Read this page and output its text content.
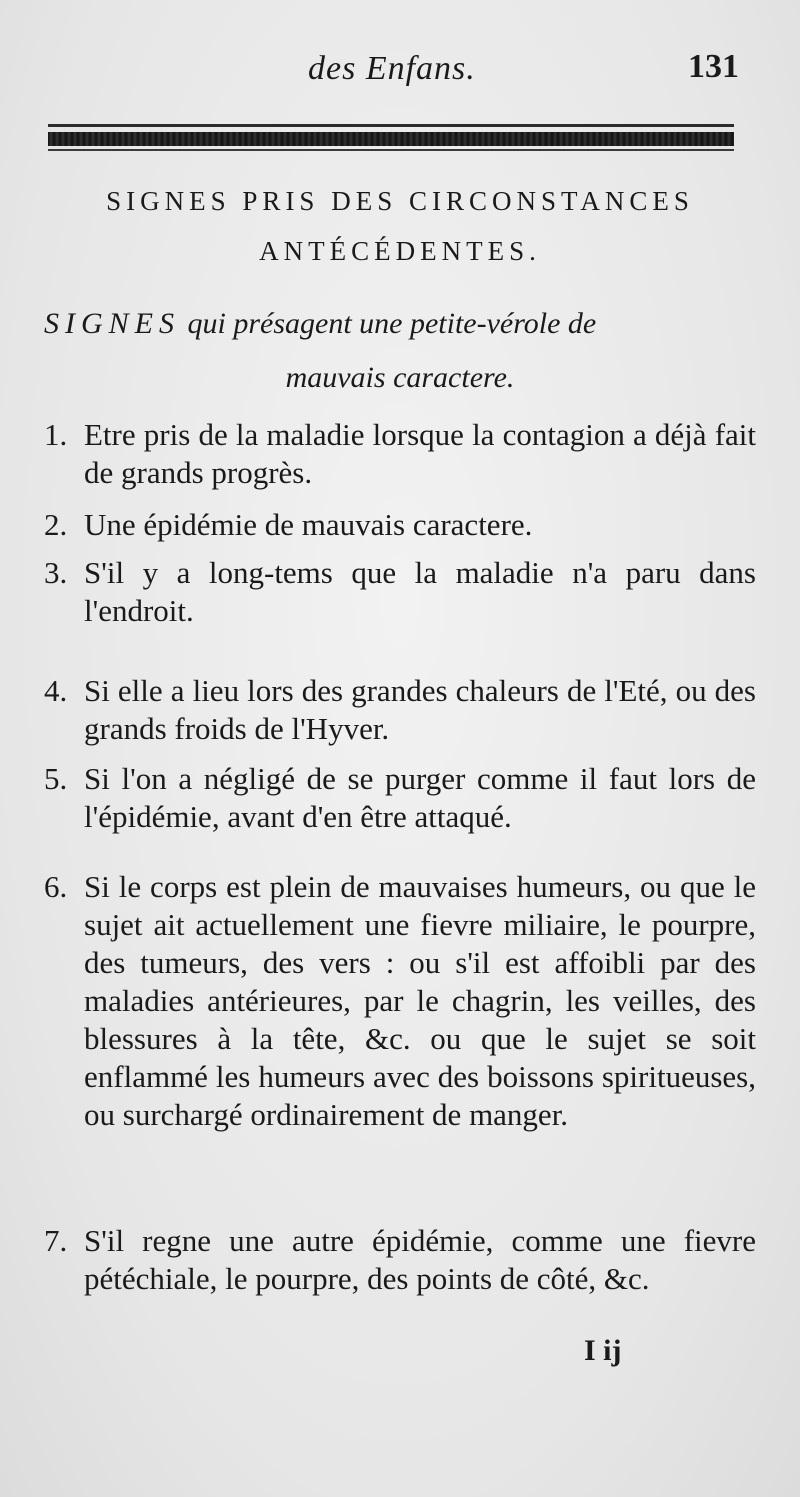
des Enfans.	131
SIGNES PRIS DES CIRCONSTANCES
ANTÉCÉDENTES.
SIGNES qui présagent une petite-vérole de
mauvais caractere.
1. Etre pris de la maladie lorsque la contagion a déjà fait de grands progrès.
2. Une épidémie de mauvais caractere.
3. S'il y a long-tems que la maladie n'a paru dans l'endroit.
4. Si elle a lieu lors des grandes chaleurs de l'Eté, ou des grands froids de l'Hyver.
5. Si l'on a négligé de se purger comme il faut lors de l'épidémie, avant d'en être attaqué.
6. Si le corps est plein de mauvaises humeurs, ou que le sujet ait actuellement une fievre miliaire, le pourpre, des tumeurs, des vers : ou s'il est affoibli par des maladies antérieures, par le chagrin, les veilles, des blessures à la tête, &c. ou que le sujet se soit enflammé les humeurs avec des boissons spiritueuses, ou surchargé ordinairement de manger.
7. S'il regne une autre épidémie, comme une fievre pétéchiale, le pourpre, des points de côté, &c.
I ij
